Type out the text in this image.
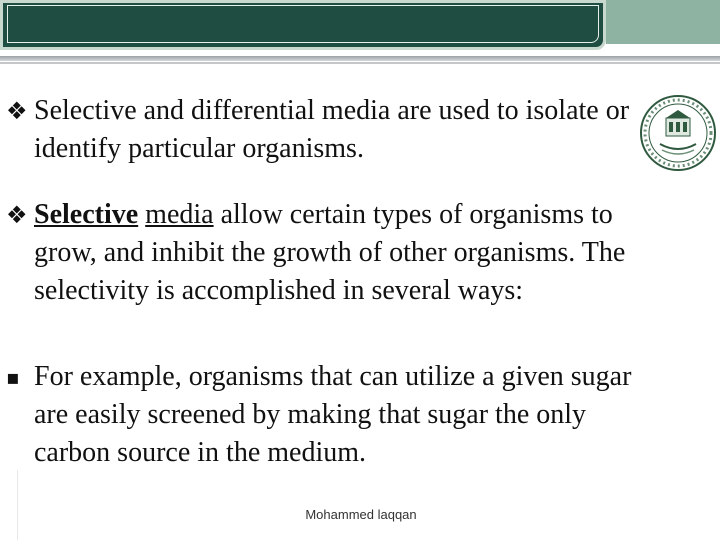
❖ Selective and differential media are used to isolate or identify particular organisms.
❖ Selective media allow certain types of organisms to grow, and inhibit the growth of other organisms. The selectivity is accomplished in several ways:
▪ For example, organisms that can utilize a given sugar are easily screened by making that sugar the only carbon source in the medium.
Mohammed laqqan
